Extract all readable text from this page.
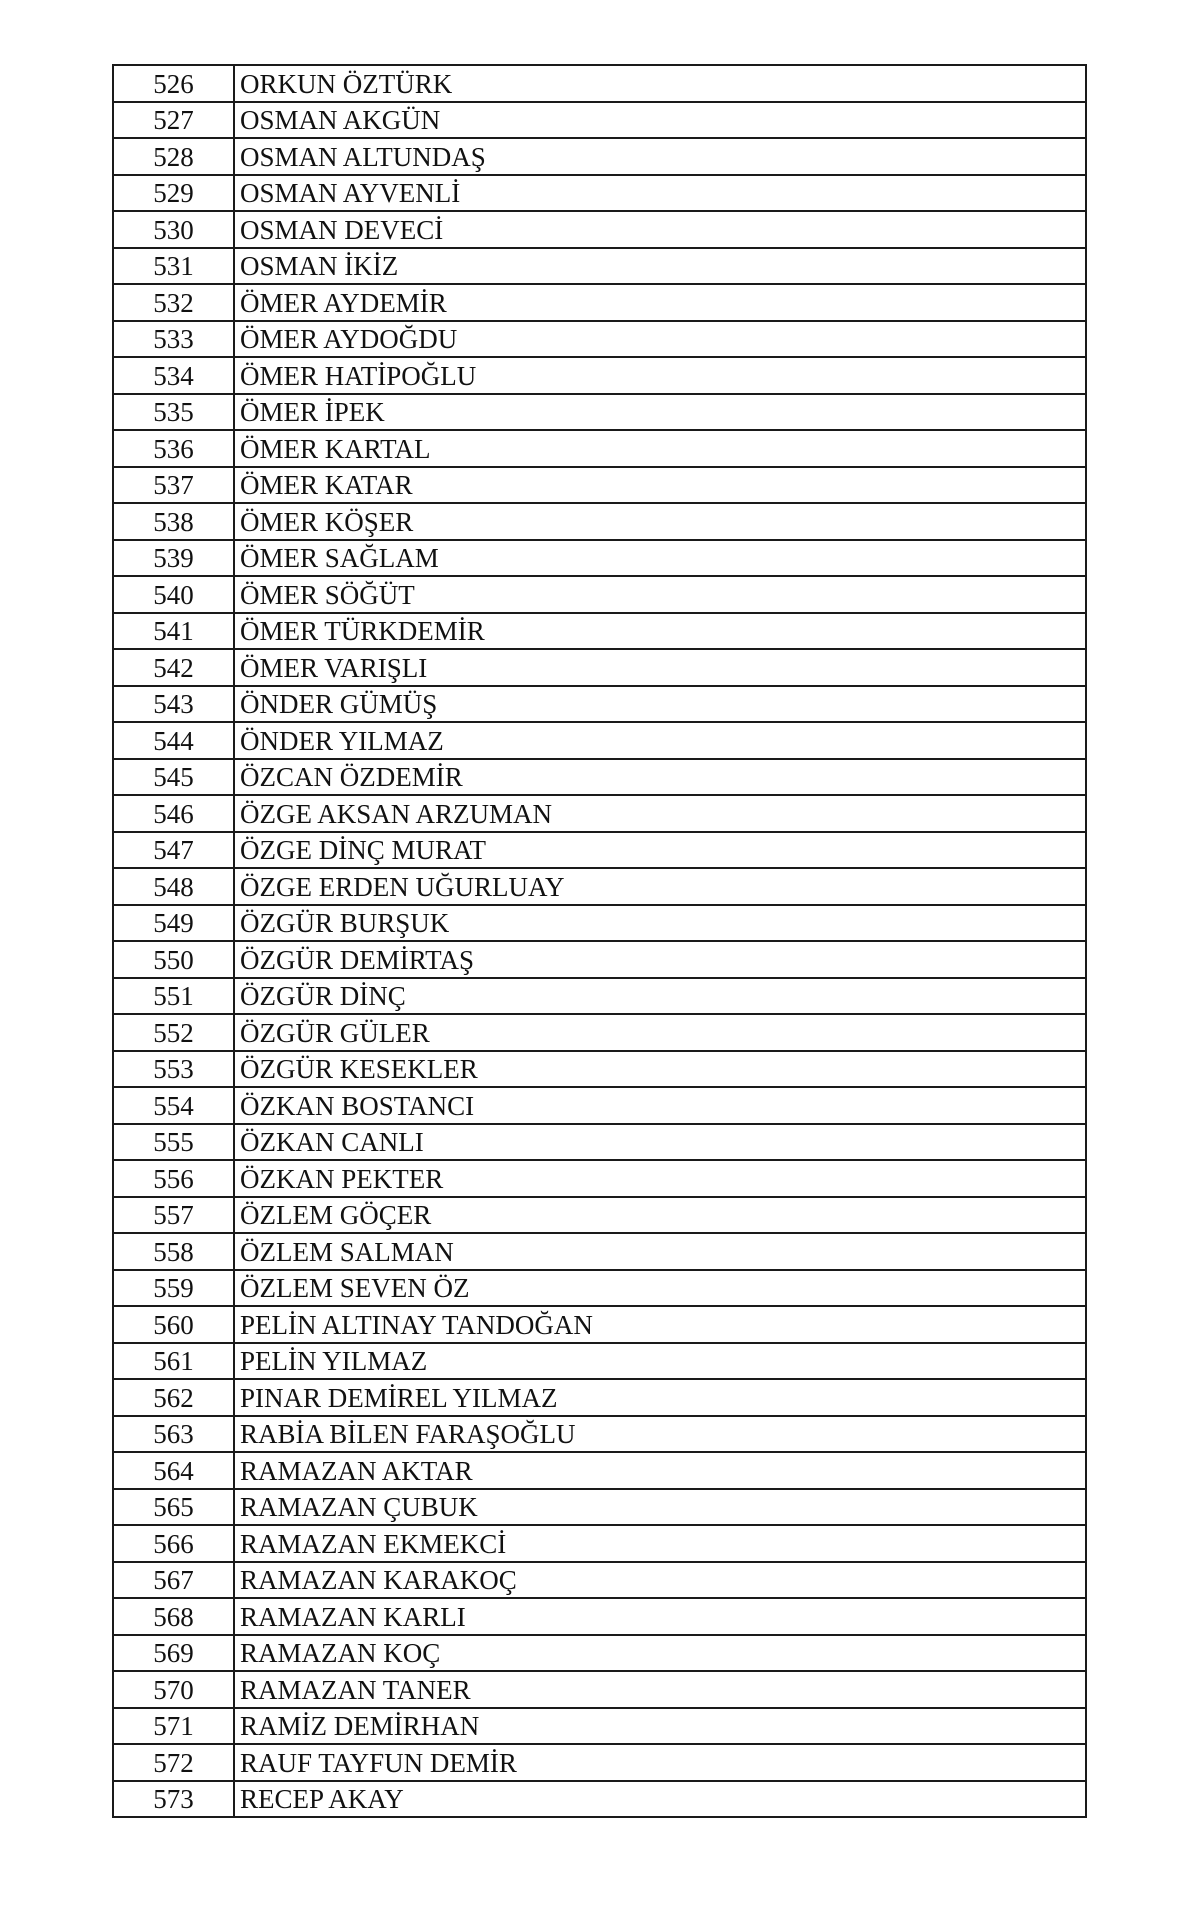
526	ORKUN ÖZTÜRK
527	OSMAN AKGÜN
528	OSMAN ALTUNDAŞ
529	OSMAN AYVENLİ
530	OSMAN DEVECİ
531	OSMAN İKİZ
532	ÖMER AYDEMİR
533	ÖMER AYDOĞDU
534	ÖMER HATİPOĞLU
535	ÖMER İPEK
536	ÖMER KARTAL
537	ÖMER KATAR
538	ÖMER KÖŞER
539	ÖMER SAĞLAM
540	ÖMER SÖĞÜT
541	ÖMER TÜRKDEMİR
542	ÖMER VARIŞLI
543	ÖNDER GÜMÜŞ
544	ÖNDER YILMAZ
545	ÖZCAN ÖZDEMİR
546	ÖZGE AKSAN ARZUMAN
547	ÖZGE DİNÇ MURAT
548	ÖZGE ERDEN UĞURLUAY
549	ÖZGÜR BURŞUK
550	ÖZGÜR DEMİRTAŞ
551	ÖZGÜR DİNÇ
552	ÖZGÜR GÜLER
553	ÖZGÜR KESEKLER
554	ÖZKAN BOSTANCI
555	ÖZKAN CANLI
556	ÖZKAN PEKTER
557	ÖZLEM GÖÇER
558	ÖZLEM SALMAN
559	ÖZLEM SEVEN ÖZ
560	PELİN ALTINAY TANDOĞAN
561	PELİN YILMAZ
562	PINAR DEMİREL YILMAZ
563	RABİA BİLEN FARAŞOĞLU
564	RAMAZAN AKTAR
565	RAMAZAN ÇUBUK
566	RAMAZAN EKMEKCİ
567	RAMAZAN KARAKOÇ
568	RAMAZAN KARLI
569	RAMAZAN KOÇ
570	RAMAZAN TANER
571	RAMİZ DEMİRHAN
572	RAUF TAYFUN DEMİR
573	RECEP AKAY
